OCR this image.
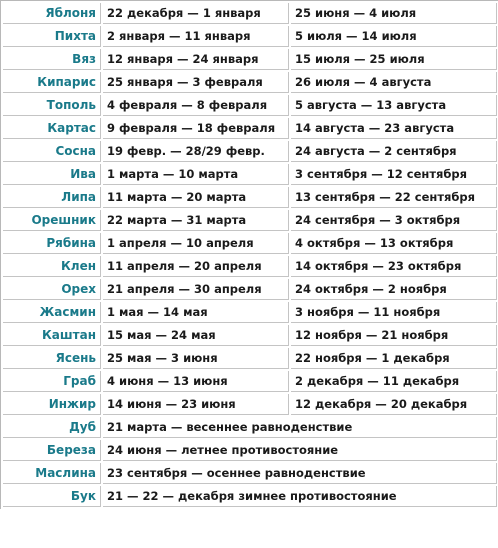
Яблоня	22 декабря — 1 января	25 июня — 4 июля
Пихта	2 января — 11 января	5 июля — 14 июля
Вяз	12 января — 24 января	15 июля — 25 июля
Кипарис	25 января — 3 февраля	26 июля — 4 августа
Тополь	4 февраля — 8 февраля	5 августа — 13 августа
Картас	9 февраля — 18 февраля	14 августа — 23 августа
Сосна	19 февр. — 28/29 февр.	24 августа — 2 сентября
Ива	1 марта — 10 марта	3 сентября — 12 сентября
Липа	11 марта — 20 марта	13 сентября — 22 сентября
Орешник	22 марта — 31 марта	24 сентября — 3 октября
Рябина	1 апреля — 10 апреля	4 октября — 13 октября
Клен	11 апреля — 20 апреля	14 октября — 23 октября
Орех	21 апреля — 30 апреля	24 октября — 2 ноября
Жасмин	1 мая — 14 мая	3 ноября — 11 ноября
Каштан	15 мая — 24 мая	12 ноября — 21 ноября
Ясень	25 мая — 3 июня	22 ноября — 1 декабря
Граб	4 июня — 13 июня	2 декабря — 11 декабря
Инжир	14 июня — 23 июня	12 декабря — 20 декабря
Дуб	21 марта — весеннее равноденствие	
Береза	24 июня — летнее противостояние	
Маслина	23 сентября — осеннее равноденствие	
Бук	21 — 22 — декабря зимнее противостояние	
